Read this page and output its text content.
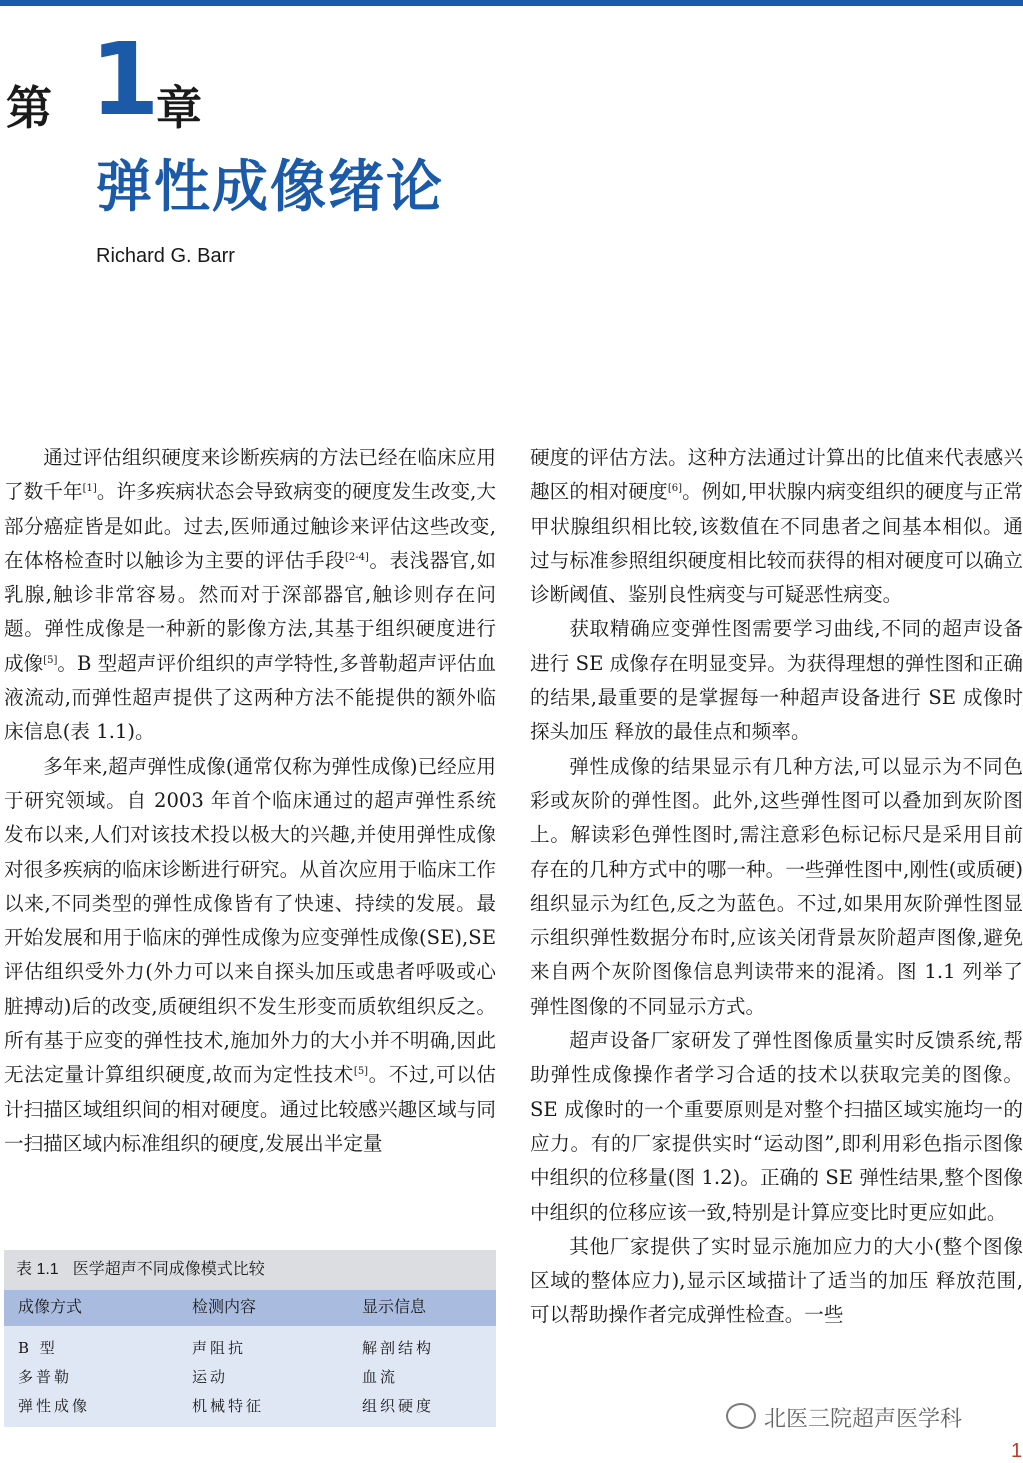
第 1
章
弹性成像绪论
Richard G. Barr

通过评估组织硬度来诊断疾病的方法已经在临床应用了数千年[1]。许多疾病状态会导致病变的硬度发生改变,大部分癌症皆是如此。过去,医师通过触诊来评估这些改变,在体格检查时以触诊为主要的评估手段[2-4]。表浅器官,如乳腺,触诊非常容易。然而对于深部器官,触诊则存在问题。弹性成像是一种新的影像方法,其基于组织硬度进行成像[5]。B 型超声评价组织的声学特性,多普勒超声评估血液流动,而弹性超声提供了这两种方法不能提供的额外临床信息(表 1.1)。

多年来,超声弹性成像(通常仅称为弹性成像)已经应用于研究领域。自 2003 年首个临床通过的超声弹性系统发布以来,人们对该技术投以极大的兴趣,并使用弹性成像对很多疾病的临床诊断进行研究。从首次应用于临床工作以来,不同类型的弹性成像皆有了快速、持续的发展。最开始发展和用于临床的弹性成像为应变弹性成像(SE),SE 评估组织受外力(外力可以来自探头加压或患者呼吸或心脏搏动)后的改变,质硬组织不发生形变而质软组织反之。所有基于应变的弹性技术,施加外力的大小并不明确,因此无法定量计算组织硬度,故而为定性技术[5]。不过,可以估计扫描区域组织间的相对硬度。通过比较感兴趣区域与同一扫描区域内标准组织的硬度,发展出半定量

硬度的评估方法。这种方法通过计算出的比值来代表感兴趣区的相对硬度[6]。例如,甲状腺内病变组织的硬度与正常甲状腺组织相比较,该数值在不同患者之间基本相似。通过与标准参照组织硬度相比较而获得的相对硬度可以确立诊断阈值、鉴别良性病变与可疑恶性病变。

获取精确应变弹性图需要学习曲线,不同的超声设备进行 SE 成像存在明显变异。为获得理想的弹性图和正确的结果,最重要的是掌握每一种超声设备进行 SE 成像时探头加压 释放的最佳点和频率。

弹性成像的结果显示有几种方法,可以显示为不同色彩或灰阶的弹性图。此外,这些弹性图可以叠加到灰阶图上。解读彩色弹性图时,需注意彩色标记标尺是采用目前存在的几种方式中的哪一种。一些弹性图中,刚性(或质硬)组织显示为红色,反之为蓝色。不过,如果用灰阶弹性图显示组织弹性数据分布时,应该关闭背景灰阶超声图像,避免来自两个灰阶图像信息判读带来的混淆。图 1.1 列举了弹性图像的不同显示方式。

超声设备厂家研发了弹性图像质量实时反馈系统,帮助弹性成像操作者学习合适的技术以获取完美的图像。SE 成像时的一个重要原则是对整个扫描区域实施均一的应力。有的厂家提供实时“运动图”,即利用彩色指示图像中组织的位移量(图 1.2)。正确的 SE 弹性结果,整个图像中组织的位移应该一致,特别是计算应变比时更应如此。

其他厂家提供了实时显示施加应力的大小(整个图像区域的整体应力),显示区域描计了适当的加压 释放范围,可以帮助操作者完成弹性检查。一些

表 1.1 医学超声不同成像模式比较
成像方式	检测内容	显示信息
B 型	声阻抗	解剖结构
多普勒	运动	血流
弹性成像	机械特征	组织硬度	北医三院超声医学科
1
